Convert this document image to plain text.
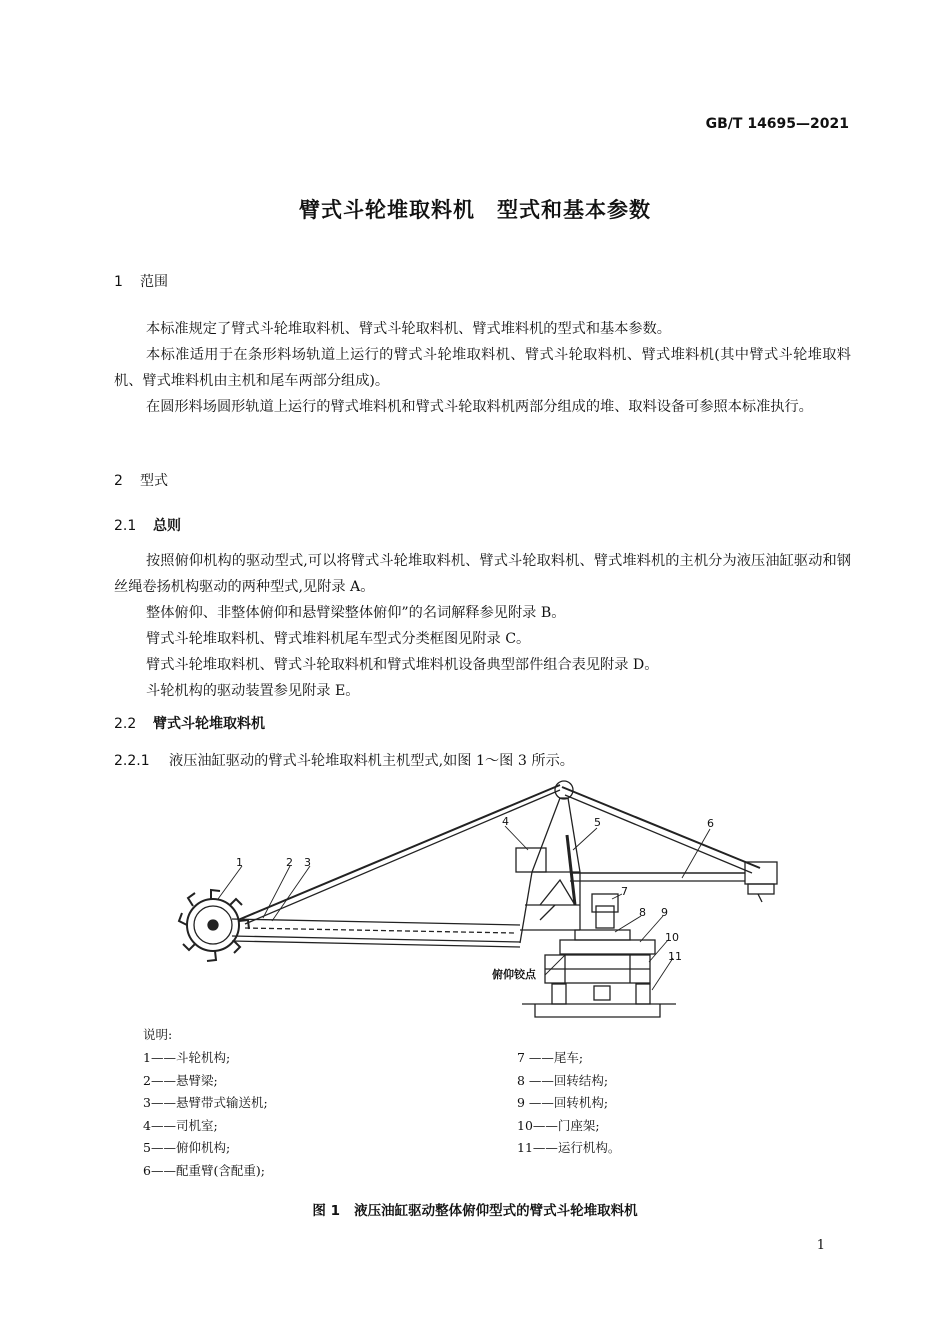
GB/T 14695—2021
臂式斗轮堆取料机　型式和基本参数
1 范围
本标准规定了臂式斗轮堆取料机、臂式斗轮取料机、臂式堆料机的型式和基本参数。
本标准适用于在条形料场轨道上运行的臂式斗轮堆取料机、臂式斗轮取料机、臂式堆料机(其中臂式斗轮堆取料机、臂式堆料机由主机和尾车两部分组成)。
在圆形料场圆形轨道上运行的臂式堆料机和臂式斗轮取料机两部分组成的堆、取料设备可参照本标准执行。
2 型式
2.1 总则
按照俯仰机构的驱动型式,可以将臂式斗轮堆取料机、臂式斗轮取料机、臂式堆料机的主机分为液压油缸驱动和钢丝绳卷扬机构驱动的两种型式,见附录 A。
整体俯仰、非整体俯仰和悬臂梁整体俯仰”的名词解释参见附录 B。
臂式斗轮堆取料机、臂式堆料机尾车型式分类框图见附录 C。
臂式斗轮堆取料机、臂式斗轮取料机和臂式堆料机设备典型部件组合表见附录 D。
斗轮机构的驱动装置参见附录 E。
2.2 臂式斗轮堆取料机
2.2.1 液压油缸驱动的臂式斗轮堆取料机主机型式,如图 1～图 3 所示。
1	2 3
4	5	6
7
8 9
10
11
俯仰铰点
说明:
1——斗轮机构;
2——悬臂梁;
3——悬臂带式输送机;
4——司机室;
5——俯仰机构;
6——配重臂(含配重);
7 ——尾车;
8 ——回转结构;
9 ——回转机构;
10——门座架;
11——运行机构。
图 1 液压油缸驱动整体俯仰型式的臂式斗轮堆取料机
1
